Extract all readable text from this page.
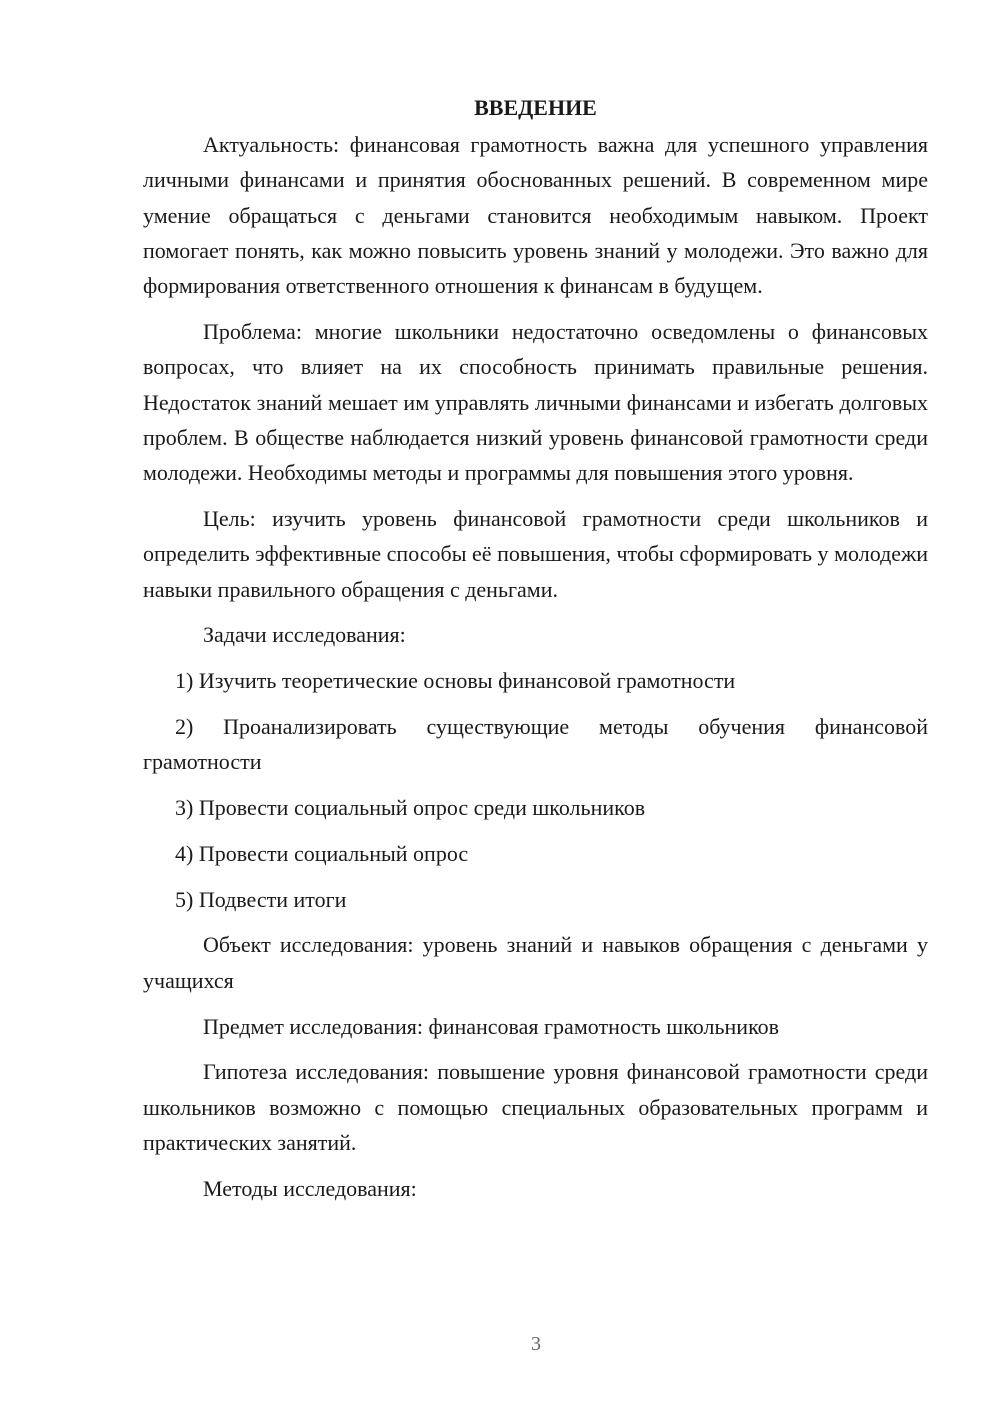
ВВЕДЕНИЕ

Актуальность: финансовая грамотность важна для успешного управления личными финансами и принятия обоснованных решений. В современном мире умение обращаться с деньгами становится необходимым навыком. Проект помогает понять, как можно повысить уровень знаний у молодежи. Это важно для формирования ответственного отношения к финансам в будущем.

Проблема: многие школьники недостаточно осведомлены о финансовых вопросах, что влияет на их способность принимать правильные решения. Недостаток знаний мешает им управлять личными финансами и избегать долговых проблем. В обществе наблюдается низкий уровень финансовой грамотности среди молодежи. Необходимы методы и программы для повышения этого уровня.

Цель: изучить уровень финансовой грамотности среди школьников и определить эффективные способы её повышения, чтобы сформировать у молодежи навыки правильного обращения с деньгами.

Задачи исследования:

1) Изучить теоретические основы финансовой грамотности

2) Проанализировать существующие методы обучения финансовой грамотности

3) Провести социальный опрос среди школьников

4) Провести социальный опрос

5) Подвести итоги

Объект исследования: уровень знаний и навыков обращения с деньгами у учащихся

Предмет исследования: финансовая грамотность школьников

Гипотеза исследования: повышение уровня финансовой грамотности среди школьников возможно с помощью специальных образовательных программ и практических занятий.

Методы исследования:

3
